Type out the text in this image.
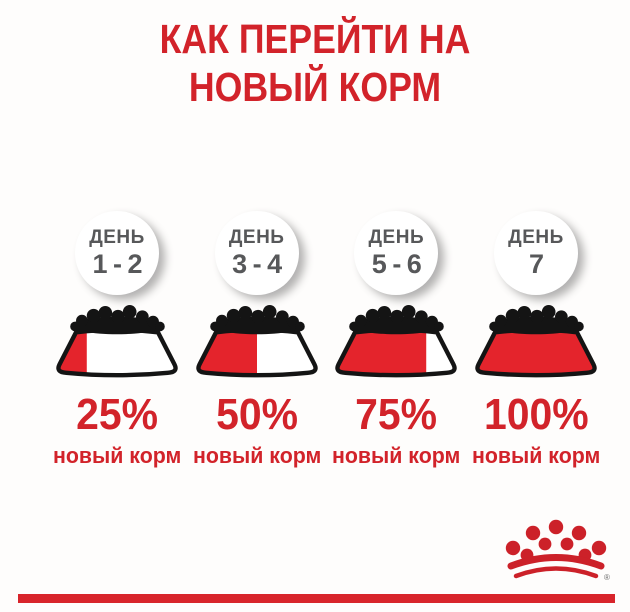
КАК ПЕРЕЙТИ НА
НОВЫЙ КОРМ
ДЕНЬ
1 - 2
25%
новый корм
ДЕНЬ
3 - 4
50%
новый корм
ДЕНЬ
5 - 6
75%
новый корм
ДЕНЬ
7
100%
новый корм
®
